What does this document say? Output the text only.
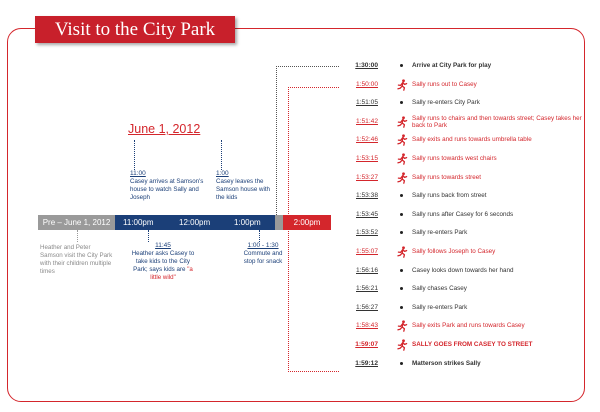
Visit to the City Park
June 1, 2012
Pre – June 1, 2012	11:00pm	12:00pm	1:00pm	2:00pm
11:00
Casey arrives at Samson's house to watch Sally and Joseph
1:00
Casey leaves the Samson house with the kids
11:45
Heather asks Casey to take kids to the City Park; says kids are "a little wild"
1:00 - 1:30
Commute and stop for snack
Heather and Peter Samson visit the City Park with their children multiple times
1:30:00	Arrive at City Park for play
1:50:00	Sally runs out to Casey
1:51:05	Sally re-enters City Park
1:51:42	Sally runs to chairs and then towards street; Casey takes her back to Park
1:52:46	Sally exits and runs towards umbrella table
1:53:15	Sally runs towards west chairs
1:53:27	Sally runs towards street
1:53:38	Sally runs back from street
1:53:45	Sally runs after Casey for 6 seconds
1:53:52	Sally re-enters Park
1:55:07	Sally follows Joseph to Casey
1:56:16	Casey looks down towards her hand
1:56:21	Sally chases Casey
1:56:27	Sally re-enters Park
1:58:43	Sally exits Park and runs towards Casey
1:59:07	SALLY GOES FROM CASEY TO STREET
1:59:12	Matterson strikes Sally
